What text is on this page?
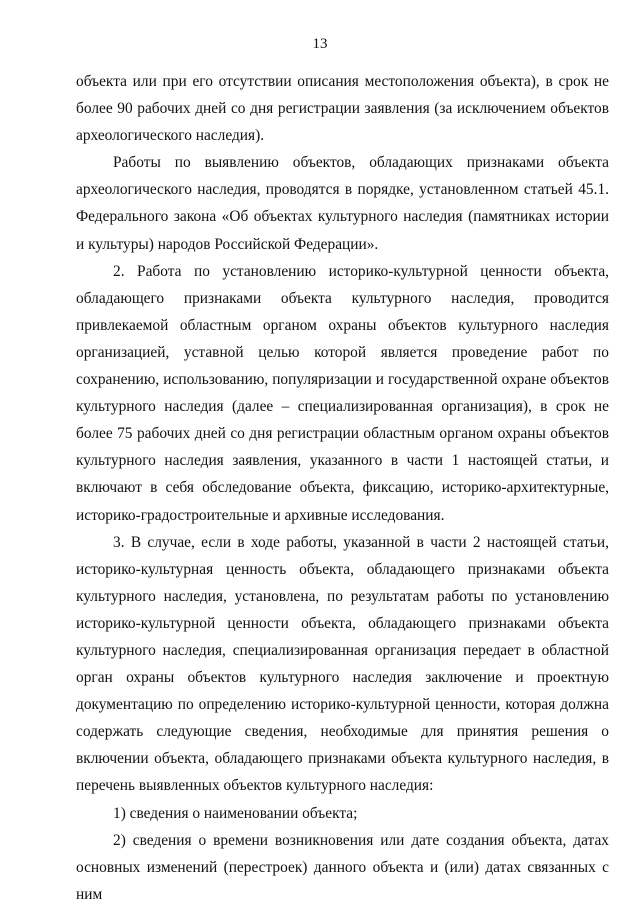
13

объекта или при его отсутствии описания местоположения объекта), в срок не более 90 рабочих дней со дня регистрации заявления (за исключением объектов археологического наследия).

Работы по выявлению объектов, обладающих признаками объекта археологического наследия, проводятся в порядке, установленном статьей 45.1. Федерального закона «Об объектах культурного наследия (памятниках истории и культуры) народов Российской Федерации».

2. Работа по установлению историко-культурной ценности объекта, обладающего признаками объекта культурного наследия, проводится привлекаемой областным органом охраны объектов культурного наследия организацией, уставной целью которой является проведение работ по сохранению, использованию, популяризации и государственной охране объектов культурного наследия (далее – специализированная организация), в срок не более 75 рабочих дней со дня регистрации областным органом охраны объектов культурного наследия заявления, указанного в части 1 настоящей статьи, и включают в себя обследование объекта, фиксацию, историко-архитектурные, историко-градостроительные и архивные исследования.

3. В случае, если в ходе работы, указанной в части 2 настоящей статьи, историко-культурная ценность объекта, обладающего признаками объекта культурного наследия, установлена, по результатам работы по установлению историко-культурной ценности объекта, обладающего признаками объекта культурного наследия, специализированная организация передает в областной орган охраны объектов культурного наследия заключение и проектную документацию по определению историко-культурной ценности, которая должна содержать следующие сведения, необходимые для принятия решения о включении объекта, обладающего признаками объекта культурного наследия, в перечень выявленных объектов культурного наследия:

1) сведения о наименовании объекта;

2) сведения о времени возникновения или дате создания объекта, датах основных изменений (перестроек) данного объекта и (или) датах связанных с ним
